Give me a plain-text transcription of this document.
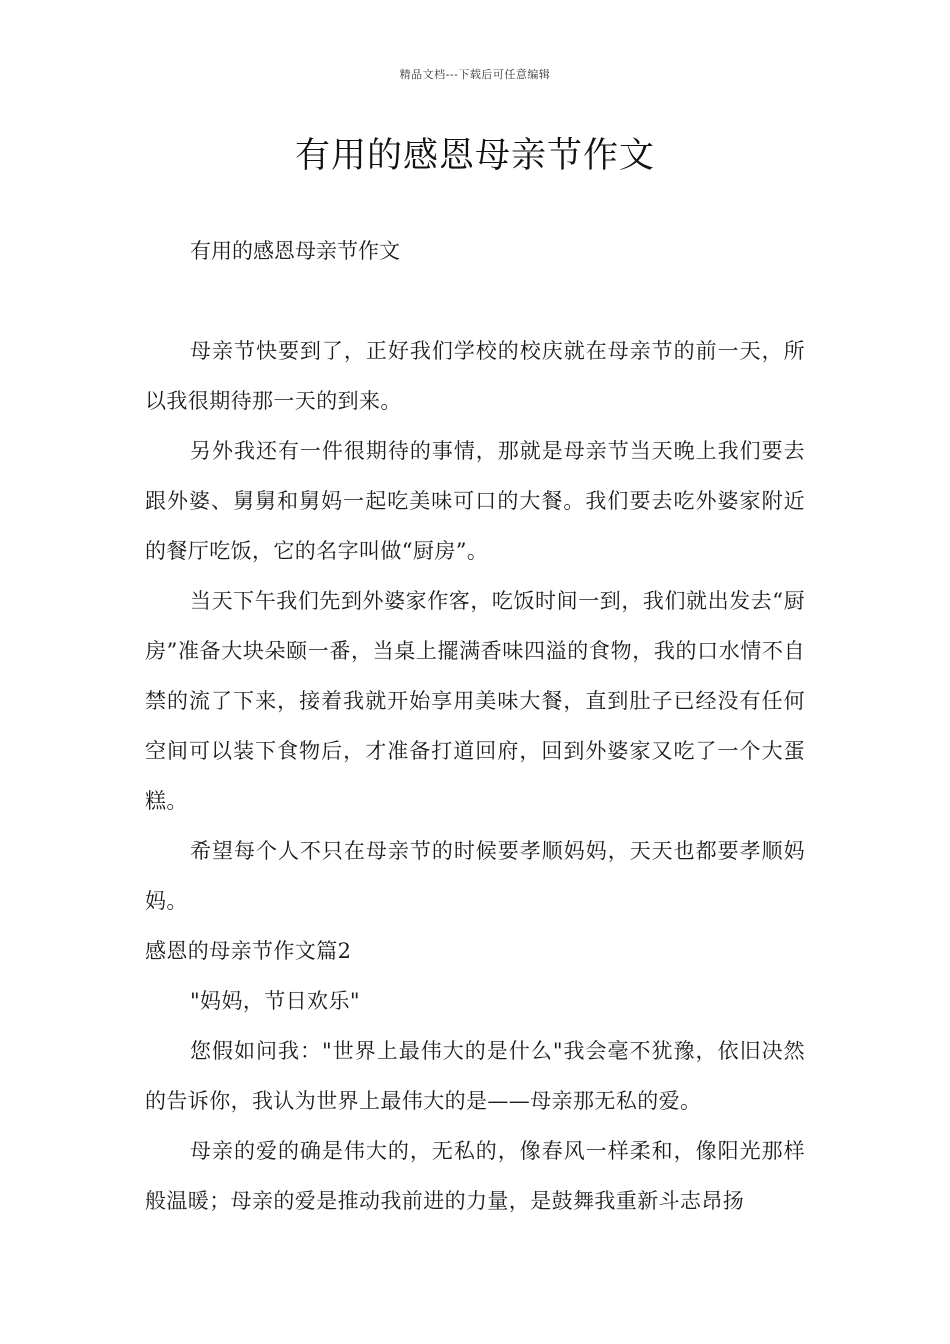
精品文档---下载后可任意编辑
有用的感恩母亲节作文
有用的感恩母亲节作文

母亲节快要到了，正好我们学校的校庆就在母亲节的前一天，所以我很期待那一天的到来。

另外我还有一件很期待的事情，那就是母亲节当天晚上我们要去跟外婆、舅舅和舅妈一起吃美味可口的大餐。我们要去吃外婆家附近的餐厅吃饭，它的名字叫做“厨房”。

当天下午我们先到外婆家作客，吃饭时间一到，我们就出发去“厨房”准备大块朵颐一番，当桌上擺满香味四溢的食物，我的口水情不自禁的流了下来，接着我就开始享用美味大餐，直到肚子已经没有任何空间可以装下食物后，才准备打道回府，回到外婆家又吃了一个大蛋糕。

希望每个人不只在母亲节的时候要孝顺妈妈，天天也都要孝顺妈妈。

感恩的母亲节作文篇2

"妈妈，节日欢乐"

您假如问我："世界上最伟大的是什么"我会毫不犹豫，依旧决然的告诉你，我认为世界上最伟大的是——母亲那无私的爱。

母亲的爱的确是伟大的，无私的，像春风一样柔和，像阳光那样般温暖；母亲的爱是推动我前进的力量，是鼓舞我重新斗志昂扬
